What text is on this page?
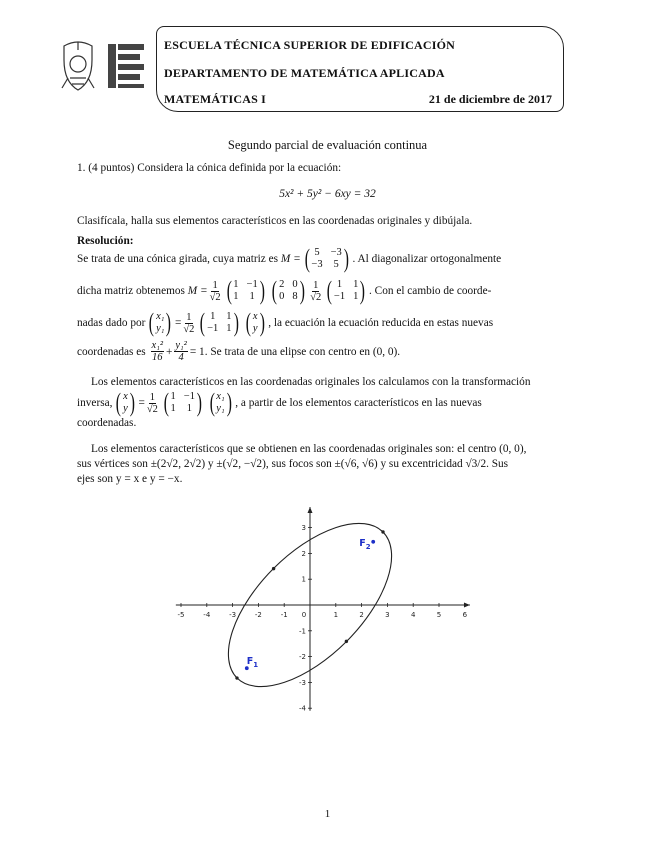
ESCUELA TÉCNICA SUPERIOR DE EDIFICACIÓN
DEPARTAMENTO DE MATEMÁTICA APLICADA
MATEMÁTICAS I	21 de diciembre de 2017
Segundo parcial de evaluación continua
1. (4 puntos) Considera la cónica definida por la ecuación:
5x² + 5y² − 6xy = 32
Clasifícala, halla sus elementos característicos en las coordenadas originales y dibújala.
Resolución:
Se trata de una cónica girada, cuya matriz es
M = ( 5 −3
−3 5 ) . Al diagonalizar ortogonalmente
dicha matriz obtenemos
$M = \frac{1}{√2}$ ( 1 −1
1 1 ) ( 2 0
0 8 ) $\frac{1}{√2}$ ( 1 1
−1 1 ) . Con el cambio de coorde-
nadas dado por ( x₁
y₁ ) = $\frac{1}{√2}$ ( 1 1
−1 1 ) ( x
y ) , la ecuación la ecuación reducida en estas nuevas
coordenadas es
$\frac{\text{x₁²}}{16} + \frac{\text{y₁²}}{4} = 1$ . Se trata de una elipse con centro en (0, 0).
Los elementos característicos en las coordenadas originales los calculamos con la transformación
inversa, ( x
y ) = $\frac{1}{√2}$ ( 1 −1
1 1 ) ( x₁
y₁ ) , a partir de los elementos característicos en las nuevas
coordenadas.
Los elementos característicos que se obtienen en las coordenadas originales son: el centro (0, 0),
sus vértices son ±(2√2, 2√2) y ±(√2, −√2), sus focos son ±(√6, √6) y su excentricidad √3/2. Sus
ejes son y = x e y = −x.
-5	-4	-3	-2	-1 0	1	2	3	4	5	6
3
2
1
-1
-2
-3
-4
$F_2$
$F_1$
1
